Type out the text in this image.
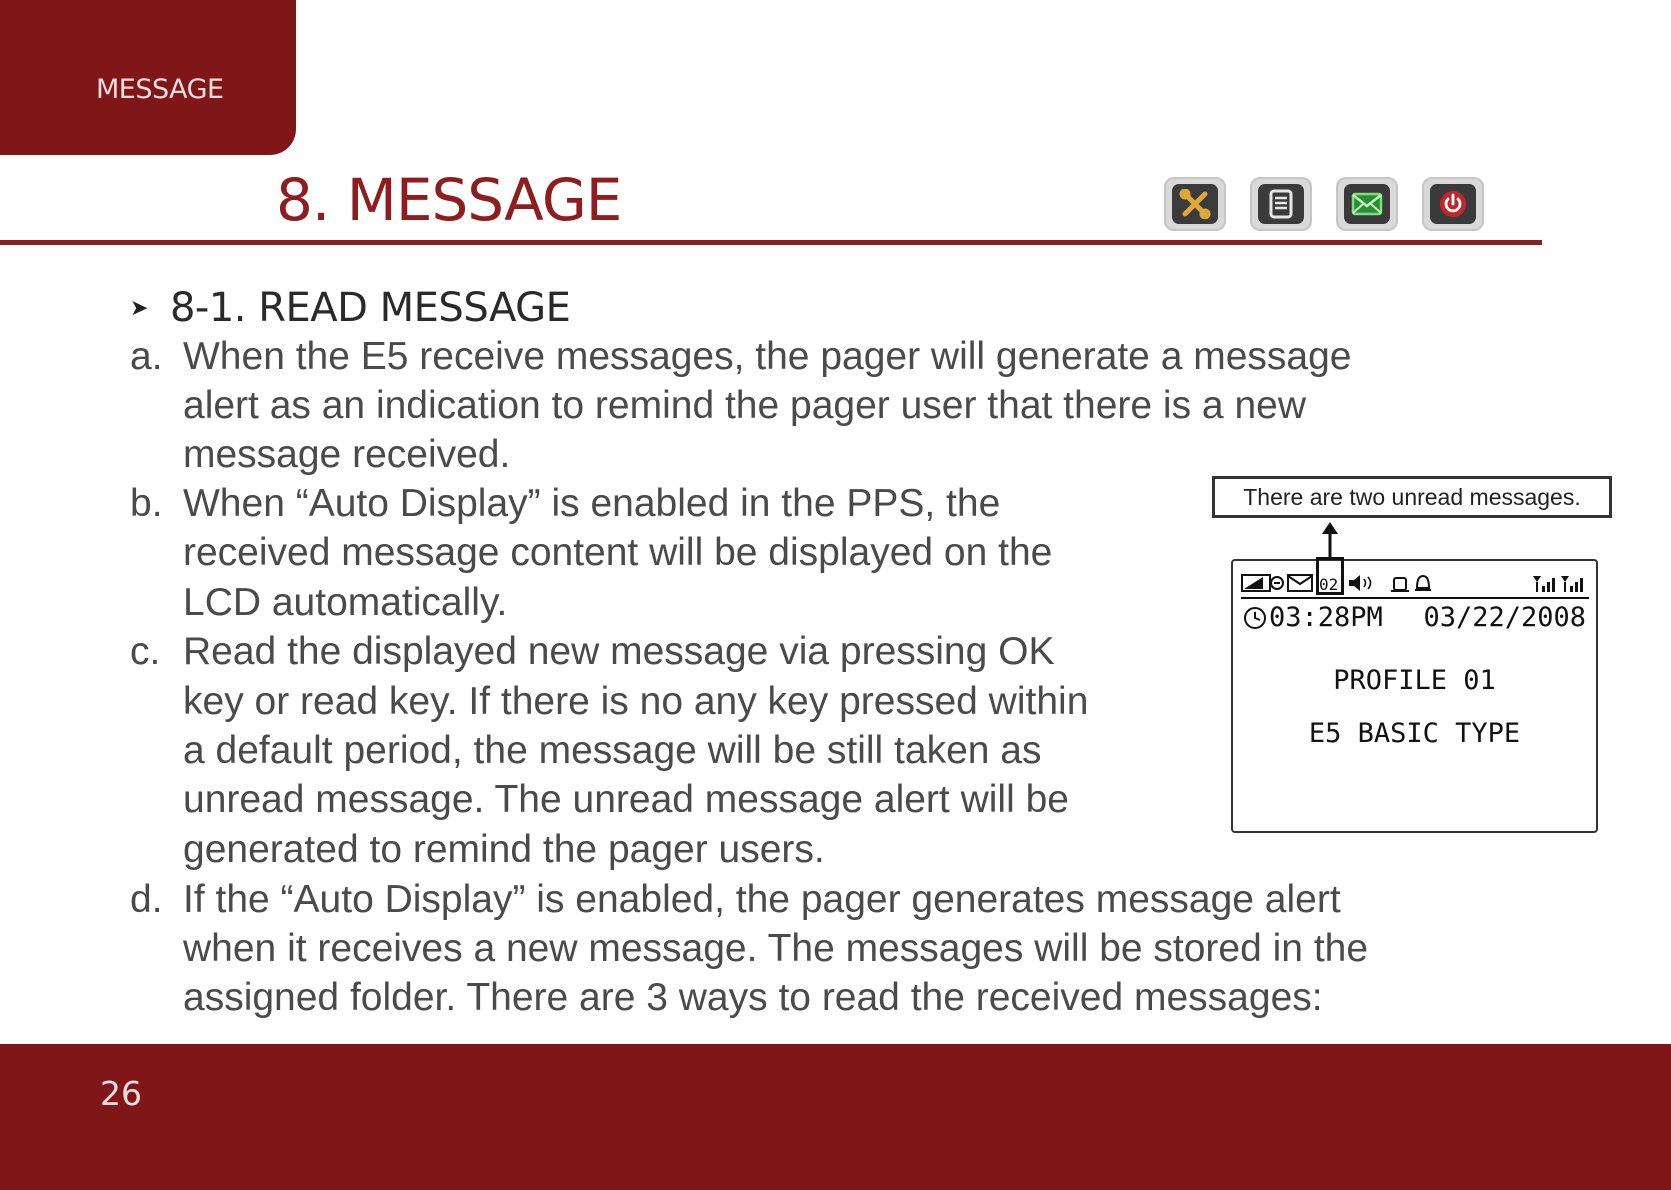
MESSAGE
8. MESSAGE
➤ 8-1. READ MESSAGE
a. When the E5 receive messages, the pager will generate a message
alert as an indication to remind the pager user that there is a new
message received.
b. When “Auto Display” is enabled in the PPS, the
received message content will be displayed on the
LCD automatically.
c. Read the displayed new message via pressing OK
key or read key. If there is no any key pressed within
a default period, the message will be still taken as
unread message. The unread message alert will be
generated to remind the pager users.
d. If the “Auto Display” is enabled, the pager generates message alert
when it receives a new message. The messages will be stored in the
assigned folder. There are 3 ways to read the received messages:
There are two unread messages.
02
03:28PM 03/22/2008
PROFILE 01
E5 BASIC TYPE
26
